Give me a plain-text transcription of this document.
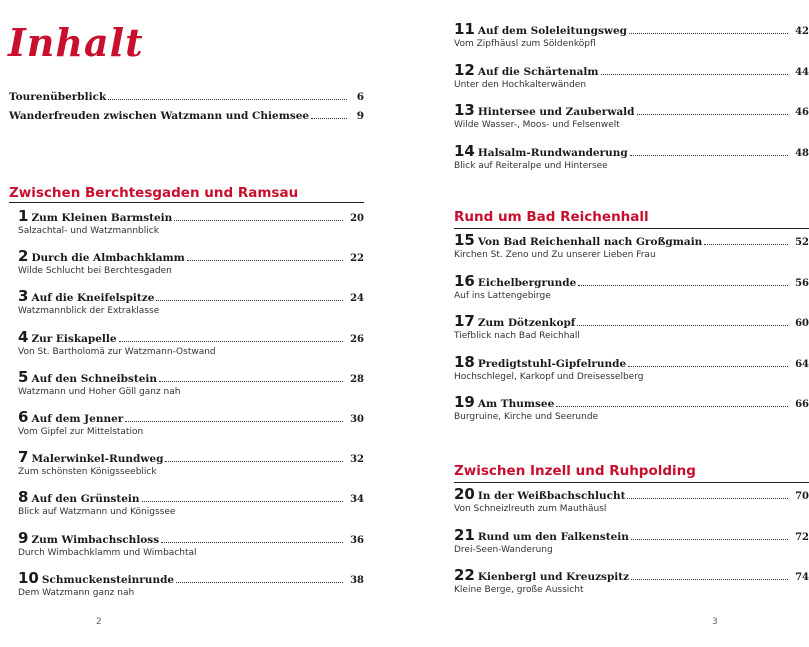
Inhalt
Tourenüberblick	6
Wanderfreuden zwischen Watzmann und Chiemsee	9
Zwischen Berchtesgaden und Ramsau
1 Zum Kleinen Barmstein	20
Salzachtal- und Watzmannblick
2 Durch die Almbachklamm	22
Wilde Schlucht bei Berchtesgaden
3 Auf die Kneifelspitze	24
Watzmannblick der Extraklasse
4 Zur Eiskapelle	26
Von St. Bartholomä zur Watzmann-Ostwand
5 Auf den Schneibstein	28
Watzmann und Hoher Göll ganz nah
6 Auf dem Jenner	30
Vom Gipfel zur Mittelstation
7 Malerwinkel-Rundweg	32
Zum schönsten Königsseeblick
8 Auf den Grünstein	34
Blick auf Watzmann und Königssee
9 Zum Wimbachschloss	36
Durch Wimbachklamm und Wimbachtal
10 Schmuckensteinrunde	38
Dem Watzmann ganz nah
2
11 Auf dem Soleleitungsweg	42
Vom Zipfhäusl zum Söldenköpfl
12 Auf die Schärtenalm	44
Unter den Hochkalterwänden
13 Hintersee und Zauberwald	46
Wilde Wasser-, Moos- und Felsenwelt
14 Halsalm-Rundwanderung	48
Blick auf Reiteralpe und Hintersee
Rund um Bad Reichenhall
15 Von Bad Reichenhall nach Großgmain	52
Kirchen St. Zeno und Zu unserer Lieben Frau
16 Eichelbergrunde	56
Auf ins Lattengebirge
17 Zum Dötzenkopf	60
Tiefblick nach Bad Reichhall
18 Predigtstuhl-Gipfelrunde	64
Hochschlegel, Karkopf und Dreisesselberg
19 Am Thumsee	66
Burgruine, Kirche und Seerunde
Zwischen Inzell und Ruhpolding
20 In der Weißbachschlucht	70
Von Schneizlreuth zum Mauthäusl
21 Rund um den Falkenstein	72
Drei-Seen-Wanderung
22 Kienbergl und Kreuzspitz	74
Kleine Berge, große Aussicht
3
